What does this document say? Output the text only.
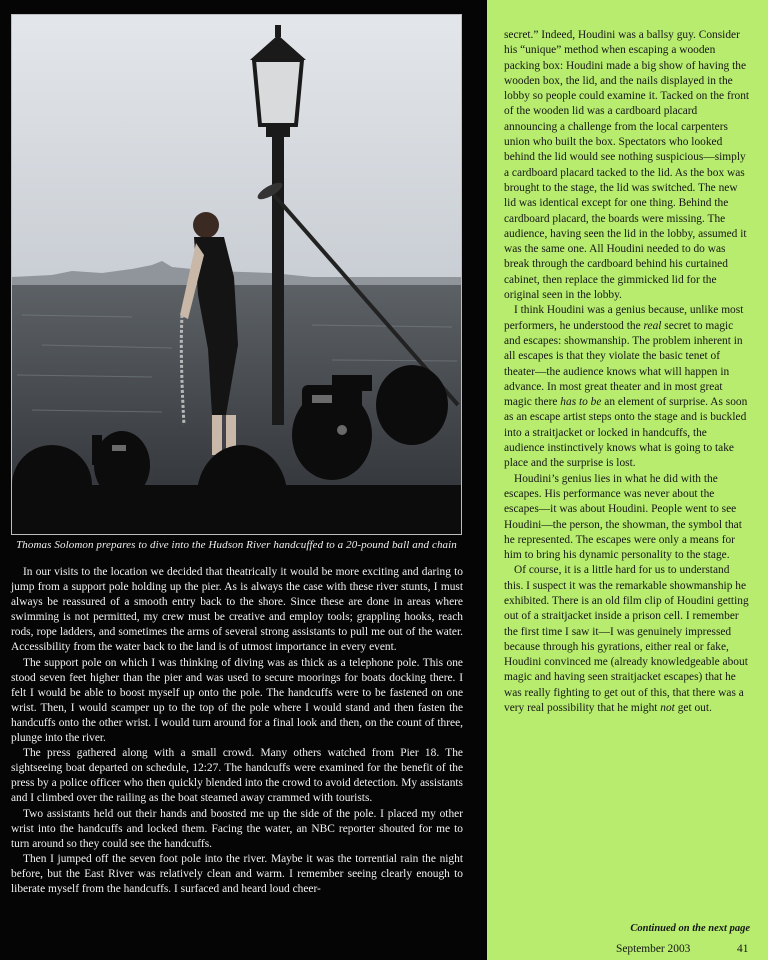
Thomas Solomon prepares to dive into the Hudson River handcuffed to a 20-pound ball and chain

In our visits to the location we decided that theatrically it would be more exciting and daring to jump from a support pole holding up the pier. As is always the case with these river stunts, I must always be reassured of a smooth entry back to the shore. Since these are done in areas where swimming is not permitted, my crew must be creative and employ tools; grappling hooks, reach rods, rope ladders, and sometimes the arms of several strong assistants to pull me out of the water. Accessibility from the water back to the land is of utmost importance in every event.

The support pole on which I was thinking of diving was as thick as a telephone pole. This one stood seven feet higher than the pier and was used to secure moorings for boats docking there. I felt I would be able to boost myself up onto the pole. The handcuffs were to be fastened on one wrist. Then, I would scamper up to the top of the pole where I would stand and then fasten the handcuffs onto the other wrist. I would turn around for a final look and then, on the count of three, plunge into the river.

The press gathered along with a small crowd. Many others watched from Pier 18. The sightseeing boat departed on schedule, 12:27. The handcuffs were examined for the benefit of the press by a police officer who then quickly blended into the crowd to avoid detection. My assistants and I climbed over the railing as the boat steamed away crammed with tourists.

Two assistants held out their hands and boosted me up the side of the pole. I placed my other wrist into the handcuffs and locked them. Facing the water, an NBC reporter shouted for me to turn around so they could see the handcuffs.

Then I jumped off the seven foot pole into the river. Maybe it was the torrential rain the night before, but the East River was relatively clean and warm. I remember seeing clearly enough to liberate myself from the handcuffs. I surfaced and heard loud cheer-

secret.” Indeed, Houdini was a ballsy guy. Consider his “unique” method when escaping a wooden packing box: Houdini made a big show of having the wooden box, the lid, and the nails displayed in the lobby so people could examine it. Tacked on the front of the wooden lid was a cardboard placard announcing a challenge from the local carpenters union who built the box. Spectators who looked behind the lid would see nothing suspicious—simply a cardboard placard tacked to the lid. As the box was brought to the stage, the lid was switched. The new lid was identical except for one thing. Behind the cardboard placard, the boards were missing. The audience, having seen the lid in the lobby, assumed it was the same one. All Houdini needed to do was break through the cardboard behind his curtained cabinet, then replace the gimmicked lid for the original seen in the lobby.

I think Houdini was a genius because, unlike most performers, he understood the real secret to magic and escapes: showmanship. The problem inherent in all escapes is that they violate the basic tenet of theater—the audience knows what will happen in advance. In most great theater and in most great magic there has to be an element of surprise. As soon as an escape artist steps onto the stage and is buckled into a straitjacket or locked in handcuffs, the audience instinctively knows what is going to take place and the surprise is lost.

Houdini’s genius lies in what he did with the escapes. His performance was never about the escapes—it was about Houdini. People went to see Houdini—the person, the showman, the symbol that he represented. The escapes were only a means for him to bring his dynamic personality to the stage.

Of course, it is a little hard for us to understand this. I suspect it was the remarkable showmanship he exhibited. There is an old film clip of Houdini getting out of a straitjacket inside a prison cell. I remember the first time I saw it—I was genuinely impressed because through his gyrations, either real or fake, Houdini convinced me (already knowledgeable about magic and having seen straitjacket escapes) that he was really fighting to get out of this, that there was a very real possibility that he might not get out.

Continued on the next page
September 2003	41
